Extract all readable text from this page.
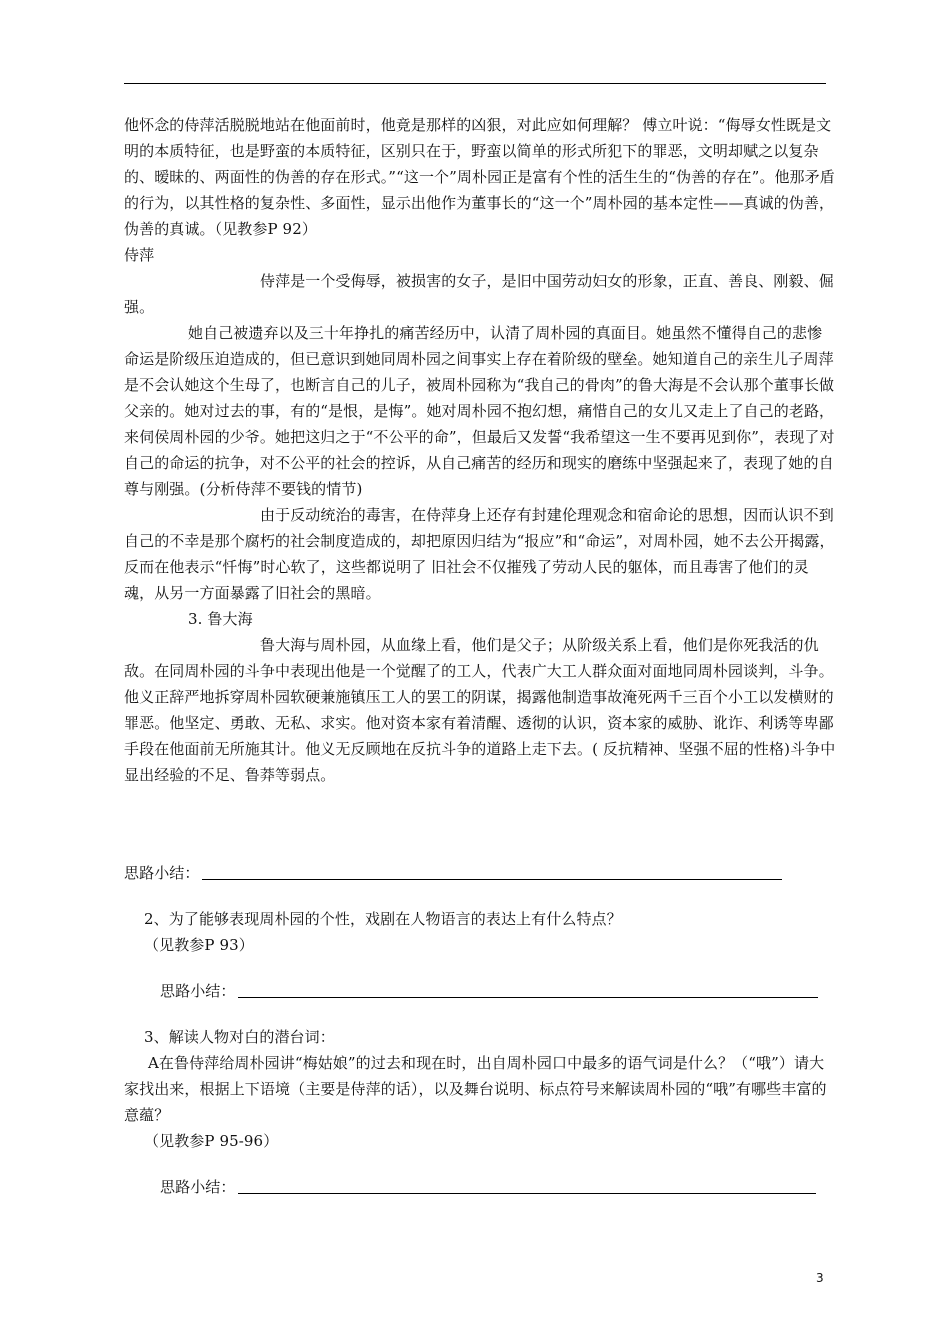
他怀念的侍萍活脱脱地站在他面前时，他竟是那样的凶狠，对此应如何理解？ 傅立叶说：“侮辱女性既是文明的本质特征，也是野蛮的本质特征，区别只在于，野蛮以简单的形式所犯下的罪恶，文明却赋之以复杂的、暧昧的、两面性的伪善的存在形式。”“这一个”周朴园正是富有个性的活生生的“伪善的存在”。他那矛盾的行为，以其性格的复杂性、多面性，显示出他作为董事长的“这一个”周朴园的基本定性——真诚的伪善，伪善的真诚。（见教参P 92）

侍萍

侍萍是一个受侮辱，被损害的女子，是旧中国劳动妇女的形象，正直、善良、刚毅、倔强。

她自己被遗弃以及三十年挣扎的痛苦经历中，认清了周朴园的真面目。她虽然不懂得自己的悲惨命运是阶级压迫造成的，但已意识到她同周朴园之间事实上存在着阶级的壁垒。她知道自己的亲生儿子周萍是不会认她这个生母了，也断言自己的儿子，被周朴园称为“我自己的骨肉”的鲁大海是不会认那个董事长做父亲的。她对过去的事，有的“是恨，是悔”。她对周朴园不抱幻想，痛惜自己的女儿又走上了自己的老路，来伺侯周朴园的少爷。她把这归之于“不公平的命”，但最后又发誓“我希望这一生不要再见到你”，表现了对自己的命运的抗争，对不公平的社会的控诉，从自己痛苦的经历和现实的磨练中坚强起来了，表现了她的自尊与刚强。(分析侍萍不要钱的情节)

由于反动统治的毒害，在侍萍身上还存有封建伦理观念和宿命论的思想，因而认识不到自己的不幸是那个腐朽的社会制度造成的，却把原因归结为“报应”和“命运”，对周朴园，她不去公开揭露，反而在他表示“忏悔”时心软了，这些都说明了 旧社会不仅摧残了劳动人民的躯体，而且毒害了他们的灵魂，从另一方面暴露了旧社会的黑暗。

3. 鲁大海

鲁大海与周朴园，从血缘上看，他们是父子；从阶级关系上看，他们是你死我活的仇敌。在同周朴园的斗争中表现出他是一个觉醒了的工人，代表广大工人群众面对面地同周朴园谈判，斗争。他义正辞严地拆穿周朴园软硬兼施镇压工人的罢工的阴谋，揭露他制造事故淹死两千三百个小工以发横财的罪恶。他坚定、勇敢、无私、求实。他对资本家有着清醒、透彻的认识，资本家的威胁、讹诈、利诱等卑鄙手段在他面前无所施其计。他义无反顾地在反抗斗争的道路上走下去。( 反抗精神、坚强不屈的性格)斗争中显出经验的不足、鲁莽等弱点。

思路小结：

2、为了能够表现周朴园的个性，戏剧在人物语言的表达上有什么特点？

（见教参P 93）

思路小结：

3、解读人物对白的潜台词：

A在鲁侍萍给周朴园讲“梅姑娘”的过去和现在时，出自周朴园口中最多的语气词是什么？（“哦”）请大家找出来，根据上下语境（主要是侍萍的话），以及舞台说明、标点符号来解读周朴园的“哦”有哪些丰富的意蕴？

（见教参P 95-96）

思路小结：
3
